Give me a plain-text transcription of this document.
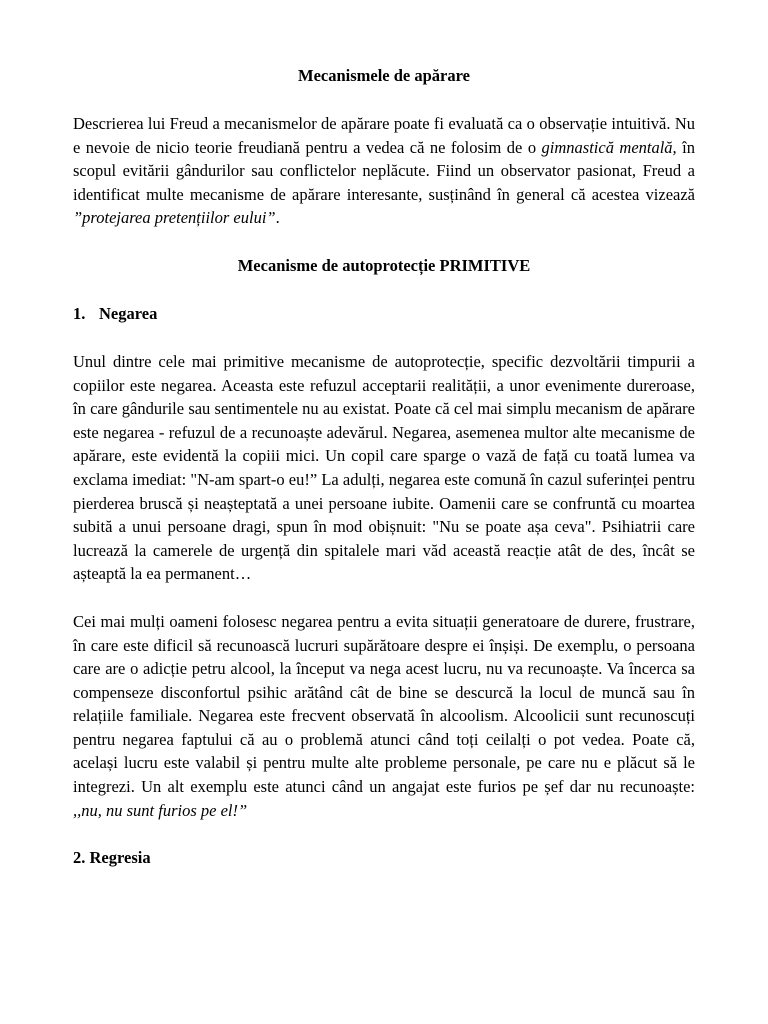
Mecanismele de apărare

Descrierea lui Freud a mecanismelor de apărare poate fi evaluată ca o observație intuitivă. Nu e nevoie de nicio teorie freudiană pentru a vedea că ne folosim de o gimnastică mentală, în scopul evitării gândurilor sau conflictelor neplăcute. Fiind un observator pasionat, Freud a identificat multe mecanisme de apărare interesante, susținând în general că acestea vizează ”protejarea pretențiilor eului”.

Mecanisme de autoprotecție PRIMITIVE
1. Negarea

Unul dintre cele mai primitive mecanisme de autoprotecție, specific dezvoltării timpurii a copiilor este negarea. Aceasta este refuzul acceptarii realității, a unor evenimente dureroase, în care gândurile sau sentimentele nu au existat. Poate că cel mai simplu mecanism de apărare este negarea - refuzul de a recunoaște adevărul. Negarea, asemenea multor alte mecanisme de apărare, este evidentă la copiii mici. Un copil care sparge o vază de față cu toată lumea va exclama imediat: "N-am spart-o eu!” La adulți, negarea este comună în cazul suferinței pentru pierderea bruscă și neașteptată a unei persoane iubite. Oamenii care se confruntă cu moartea subită a unui persoane dragi, spun în mod obișnuit: "Nu se poate așa ceva". Psihiatrii care lucrează la camerele de urgență din spitalele mari văd această reacție atât de des, încât se așteaptă la ea permanent…

Cei mai mulți oameni folosesc negarea pentru a evita situații generatoare de durere, frustrare, în care este dificil să recunoască lucruri supărătoare despre ei înșiși. De exemplu, o persoana care are o adicție petru alcool, la început va nega acest lucru, nu va recunoaște. Va încerca sa compenseze disconfortul psihic arătând cât de bine se descurcă la locul de muncă sau în relațiile familiale. Negarea este frecvent observată în alcoolism. Alcoolicii sunt recunoscuți pentru negarea faptului că au o problemă atunci când toți ceilalți o pot vedea. Poate că, același lucru este valabil și pentru multe alte probleme personale, pe care nu e plăcut să le integrezi. Un alt exemplu este atunci când un angajat este furios pe șef dar nu recunoaște: ,,nu, nu sunt furios pe el!”

2. Regresia
